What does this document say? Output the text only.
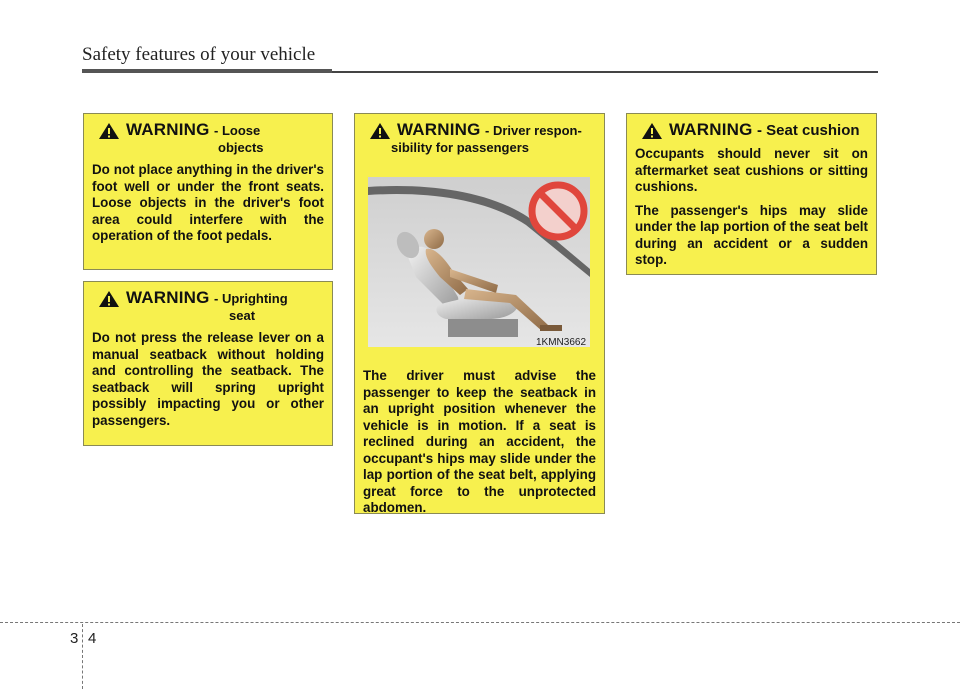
Safety features of your vehicle
WARNING - Loose
objects

Do not place anything in the driver's foot well or under the front seats. Loose objects in the driver's foot area could interfere with the operation of the foot pedals.

WARNING - Uprighting
seat

Do not press the release lever on a manual seatback without holding and controlling the seatback. The seatback will spring upright possibly impacting you or other passengers.

WARNING - Driver respon-
sibility for passengers

The driver must advise the passenger to keep the seatback in an upright position whenever the vehicle is in motion. If a seat is reclined during an accident, the occupant's hips may slide under the lap portion of the seat belt, applying great force to the unprotected abdomen.

1KMN3662
WARNING - Seat cushion

Occupants should never sit on aftermarket seat cushions or sitting cushions.

The passenger's hips may slide under the lap portion of the seat belt during an accident or a sudden stop.

3 4
